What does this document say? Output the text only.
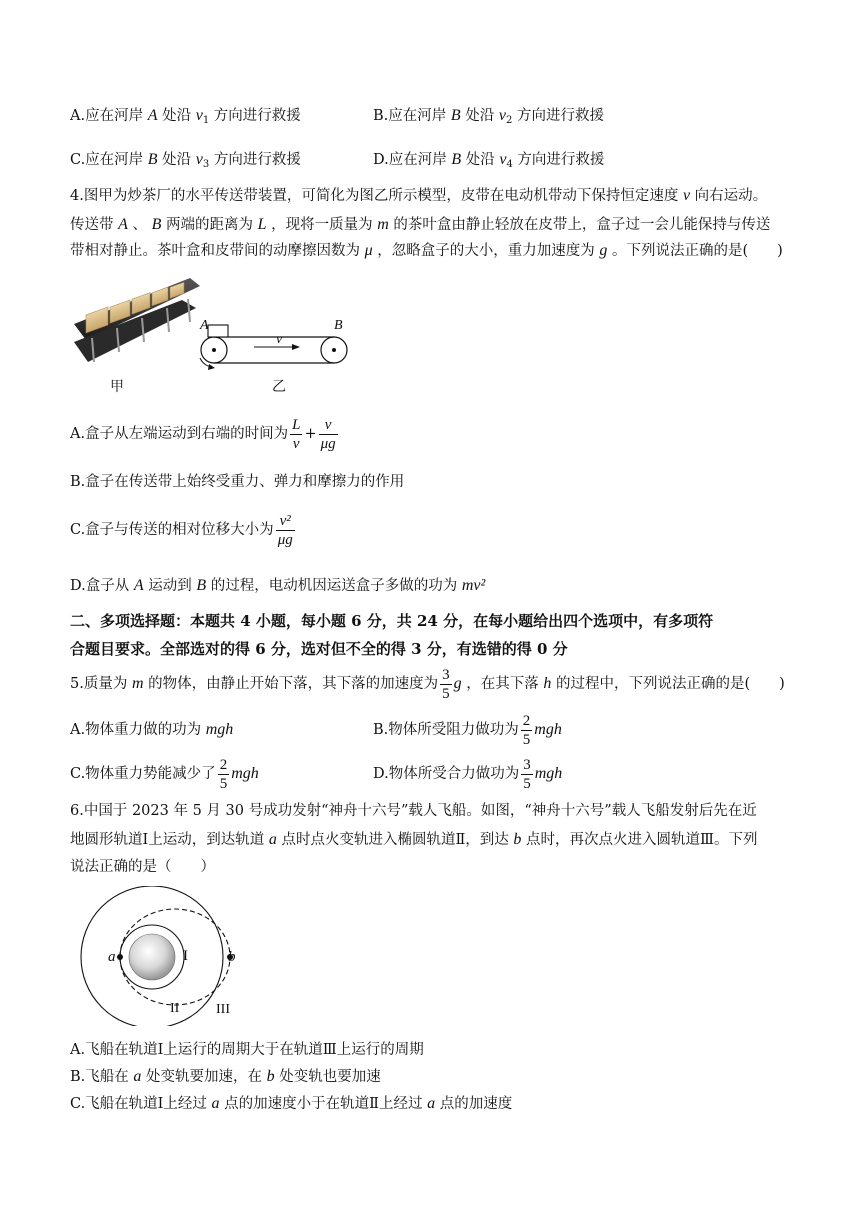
A.应在河岸 A 处沿 $v_1$ 方向进行救援	B.应在河岸 B 处沿 $v_2$ 方向进行救援
C.应在河岸 B 处沿 $v_3$ 方向进行救援	D.应在河岸 B 处沿 $v_4$ 方向进行救援
4.图甲为炒茶厂的水平传送带装置，可简化为图乙所示模型，皮带在电动机带动下保持恒定速度 v 向右运动。
传送带 A 、 B 两端的距离为 L ，现将一质量为 m 的茶叶盒由静止轻放在皮带上，盒子过一会儿能保持与传送
带相对静止。茶叶盒和皮带间的动摩擦因数为 μ ，忽略盒子的大小，重力加速度为 g 。下列说法正确的是(　　)
甲
A	B
v
乙
A.盒子从左端运动到右端的时间为 $\frac{L}{v} + \frac{v}{\mu g}$
B.盒子在传送带上始终受重力、弹力和摩擦力的作用
C.盒子与传送的相对位移大小为 $\frac{\text{v²}}{\mu g}$
D.盒子从 A 运动到 B 的过程，电动机因运送盒子多做的功为 mv²
二、多项选择题：本题共 4 小题，每小题 6 分，共 24 分，在每小题给出四个选项中，有多项符
合题目要求。全部选对的得 6 分，选对但不全的得 3 分，有选错的得 0 分
5.质量为 m 的物体，由静止开始下落，其下落的加速度为 $\frac{3}{5}$ g ，在其下落 h 的过程中，下列说法正确的是(　　)
A.物体重力做的功为 mgh	B.物体所受阻力做功为 $\frac{2}{5}$ mgh
C.物体重力势能减少了 $\frac{2}{5}$ mgh	D.物体所受合力做功为 $\frac{3}{5}$ mgh
6.中国于 2023 年 5 月 30 号成功发射“神舟十六号”载人飞船。如图，“神舟十六号”载人飞船发射后先在近
地圆形轨道Ⅰ上运动，到达轨道 a 点时点火变轨进入椭圆轨道Ⅱ，到达 b 点时，再次点火进入圆轨道Ⅲ。下列
说法正确的是（　　）
a	b
I
II	III
A.飞船在轨道Ⅰ上运行的周期大于在轨道Ⅲ上运行的周期
B.飞船在 a 处变轨要加速，在 b 处变轨也要加速
C.飞船在轨道Ⅰ上经过 a 点的加速度小于在轨道Ⅱ上经过 a 点的加速度
